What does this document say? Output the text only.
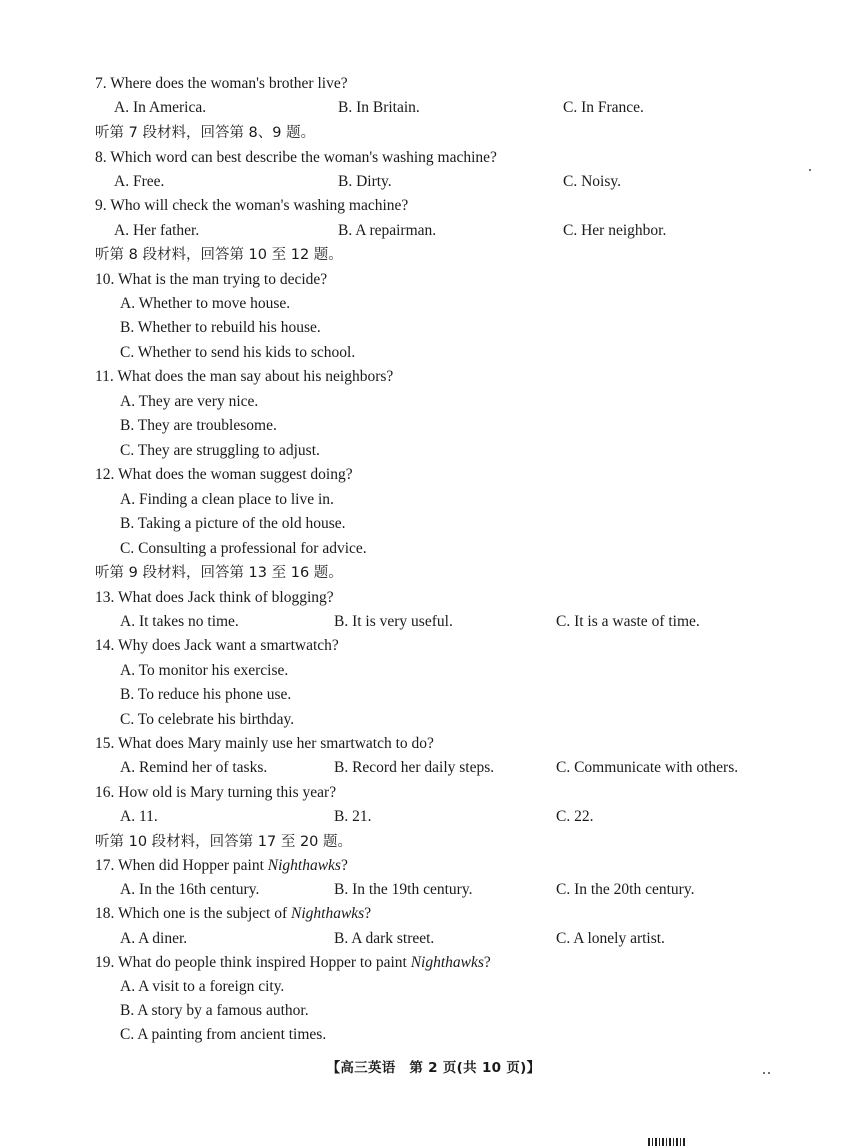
7. Where does the woman's brother live?
A. In America.	B. In Britain.	C. In France.
听第 7 段材料，回答第 8、9 题。
8. Which word can best describe the woman's washing machine?
A. Free.	B. Dirty.	C. Noisy.
9. Who will check the woman's washing machine?
A. Her father.	B. A repairman.	C. Her neighbor.
听第 8 段材料，回答第 10 至 12 题。
10. What is the man trying to decide?
A. Whether to move house.
B. Whether to rebuild his house.
C. Whether to send his kids to school.
11. What does the man say about his neighbors?
A. They are very nice.
B. They are troublesome.
C. They are struggling to adjust.
12. What does the woman suggest doing?
A. Finding a clean place to live in.
B. Taking a picture of the old house.
C. Consulting a professional for advice.
听第 9 段材料，回答第 13 至 16 题。
13. What does Jack think of blogging?
A. It takes no time.	B. It is very useful.	C. It is a waste of time.
14. Why does Jack want a smartwatch?
A. To monitor his exercise.
B. To reduce his phone use.
C. To celebrate his birthday.
15. What does Mary mainly use her smartwatch to do?
A. Remind her of tasks.	B. Record her daily steps.	C. Communicate with others.
16. How old is Mary turning this year?
A. 11.	B. 21.	C. 22.
听第 10 段材料，回答第 17 至 20 题。
17. When did Hopper paint Nighthawks?
A. In the 16th century.	B. In the 19th century.	C. In the 20th century.
18. Which one is the subject of Nighthawks?
A. A diner.	B. A dark street.	C. A lonely artist.
19. What do people think inspired Hopper to paint Nighthawks?
A. A visit to a foreign city.
B. A story by a famous author.
C. A painting from ancient times.
【高三英语　第 2 页(共 10 页)】
